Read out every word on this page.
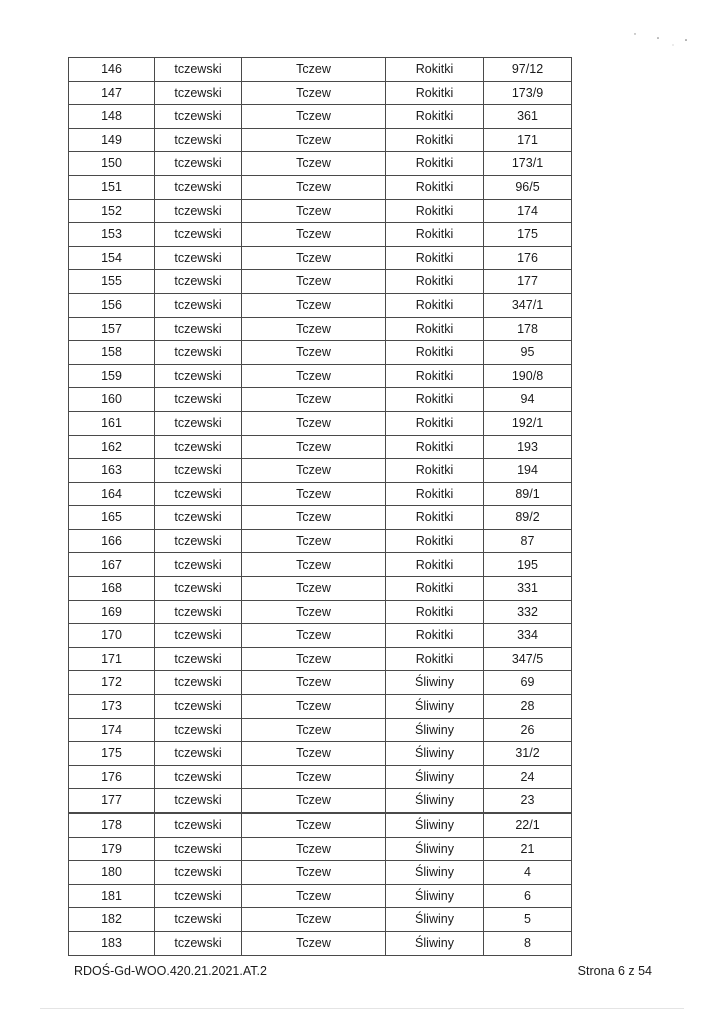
146	tczewski	Tczew	Rokitki	97/12
147	tczewski	Tczew	Rokitki	173/9
148	tczewski	Tczew	Rokitki	361
149	tczewski	Tczew	Rokitki	171
150	tczewski	Tczew	Rokitki	173/1
151	tczewski	Tczew	Rokitki	96/5
152	tczewski	Tczew	Rokitki	174
153	tczewski	Tczew	Rokitki	175
154	tczewski	Tczew	Rokitki	176
155	tczewski	Tczew	Rokitki	177
156	tczewski	Tczew	Rokitki	347/1
157	tczewski	Tczew	Rokitki	178
158	tczewski	Tczew	Rokitki	95
159	tczewski	Tczew	Rokitki	190/8
160	tczewski	Tczew	Rokitki	94
161	tczewski	Tczew	Rokitki	192/1
162	tczewski	Tczew	Rokitki	193
163	tczewski	Tczew	Rokitki	194
164	tczewski	Tczew	Rokitki	89/1
165	tczewski	Tczew	Rokitki	89/2
166	tczewski	Tczew	Rokitki	87
167	tczewski	Tczew	Rokitki	195
168	tczewski	Tczew	Rokitki	331
169	tczewski	Tczew	Rokitki	332
170	tczewski	Tczew	Rokitki	334
171	tczewski	Tczew	Rokitki	347/5
172	tczewski	Tczew	Śliwiny	69
173	tczewski	Tczew	Śliwiny	28
174	tczewski	Tczew	Śliwiny	26
175	tczewski	Tczew	Śliwiny	31/2
176	tczewski	Tczew	Śliwiny	24
177	tczewski	Tczew	Śliwiny	23
178	tczewski	Tczew	Śliwiny	22/1
179	tczewski	Tczew	Śliwiny	21
180	tczewski	Tczew	Śliwiny	4
181	tczewski	Tczew	Śliwiny	6
182	tczewski	Tczew	Śliwiny	5
183	tczewski	Tczew	Śliwiny	8
RDOŚ-Gd-WOO.420.21.2021.AT.2	Strona 6 z 54
